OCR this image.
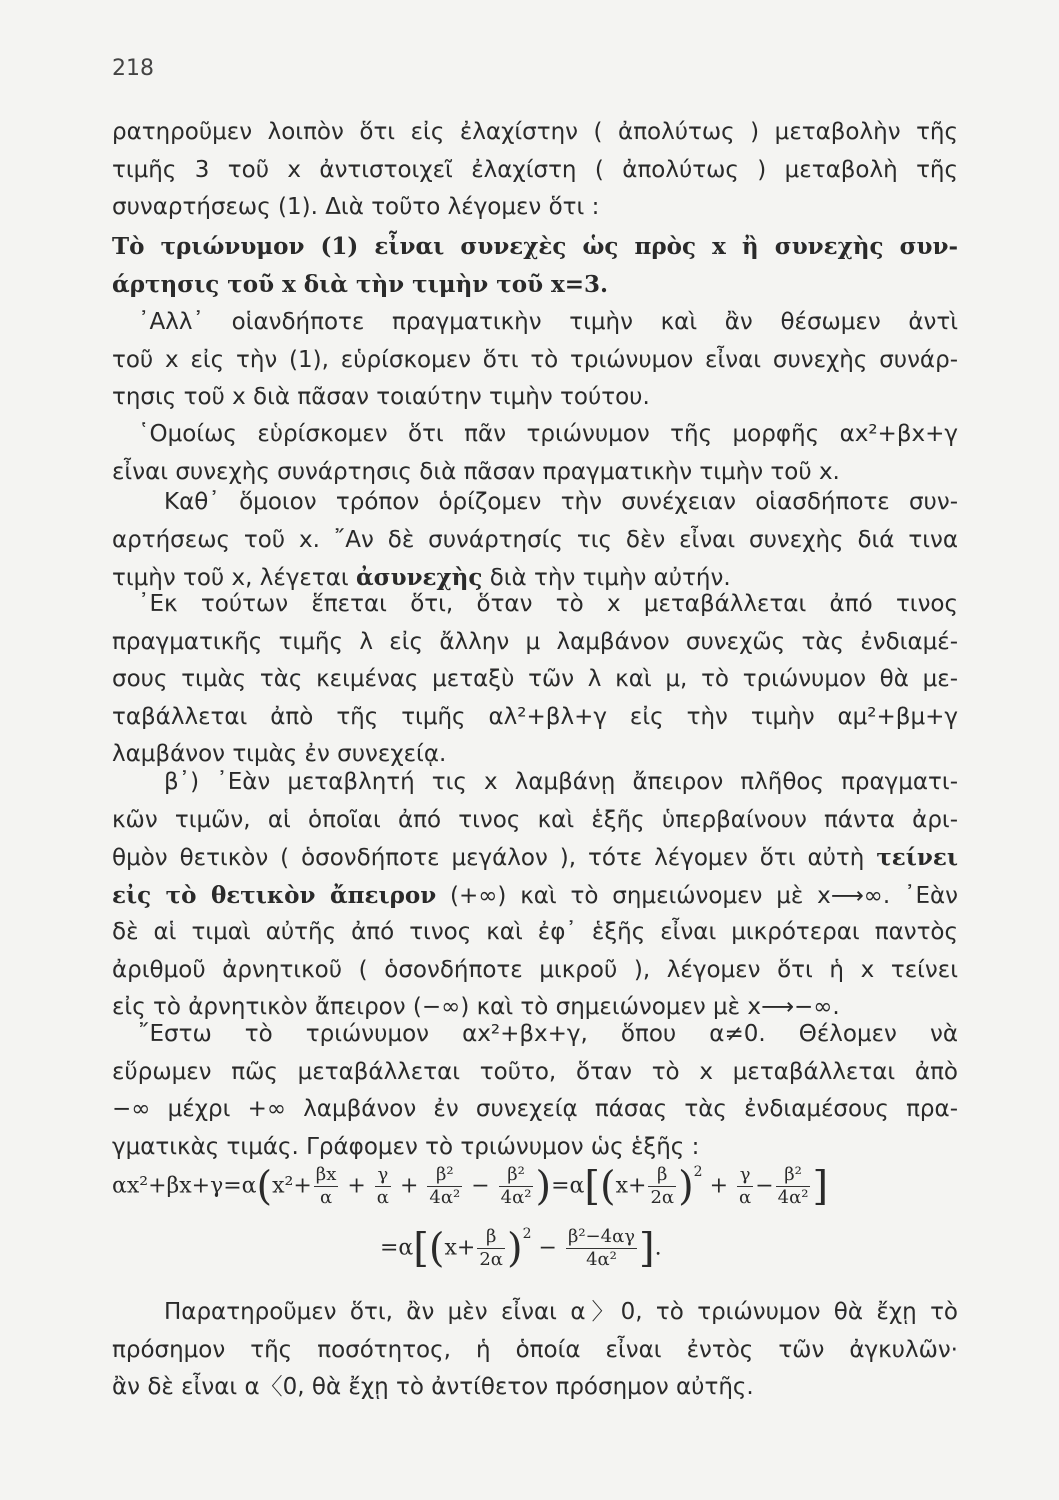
218
ρατηροῦμεν λοιπὸν ὅτι εἰς ἐλαχίστην ( ἀπολύτως ) μεταβολὴν τῆς
τιμῆς 3 τοῦ x ἀντιστοιχεῖ ἐλαχίστη ( ἀπολύτως ) μεταβολὴ τῆς
συναρτήσεως (1). Διὰ τοῦτο λέγομεν ὅτι :
Τὸ τριώνυμον (1) εἶναι συνεχὲς ὡς πρὸς x ἢ συνεχὴς συν-
άρτησις τοῦ x διὰ τὴν τιμὴν τοῦ x=3.
᾿Αλλ᾿ οἱανδήποτε πραγματικὴν τιμὴν καὶ ἂν θέσωμεν ἀντὶ
τοῦ x εἰς τὴν (1), εὑρίσκομεν ὅτι τὸ τριώνυμον εἶναι συνεχὴς συνάρ-
τησις τοῦ x διὰ πᾶσαν τοιαύτην τιμὴν τούτου.
῾Ομοίως εὑρίσκομεν ὅτι πᾶν τριώνυμον τῆς μορφῆς αx²+βx+γ
εἶναι συνεχὴς συνάρτησις διὰ πᾶσαν πραγματικὴν τιμὴν τοῦ x.
Καθ᾿ ὅμοιον τρόπον ὁρίζομεν τὴν συνέχειαν οἱασδήποτε συν-
αρτήσεως τοῦ x. ῎Αν δὲ συνάρτησίς τις δὲν εἶναι συνεχὴς διά τινα
τιμὴν τοῦ x, λέγεται ἀσυνεχὴς διὰ τὴν τιμὴν αὐτήν.
᾿Εκ τούτων ἕπεται ὅτι, ὅταν τὸ x μεταβάλλεται ἀπό τινος
πραγματικῆς τιμῆς λ εἰς ἄλλην μ λαμβάνον συνεχῶς τὰς ἐνδιαμέ-
σους τιμὰς τὰς κειμένας μεταξὺ τῶν λ καὶ μ, τὸ τριώνυμον θὰ με-
ταβάλλεται ἀπὸ τῆς τιμῆς αλ²+βλ+γ εἰς τὴν τιμὴν αμ²+βμ+γ
λαμβάνον τιμὰς ἐν συνεχείᾳ.
β᾿) ᾿Εὰν μεταβλητή τις x λαμβάνῃ ἄπειρον πλῆθος πραγματι-
κῶν τιμῶν, αἱ ὁποῖαι ἀπό τινος καὶ ἑξῆς ὑπερβαίνουν πάντα ἀρι-
θμὸν θετικὸν ( ὁσονδήποτε μεγάλον ), τότε λέγομεν ὅτι αὐτὴ τείνει
εἰς τὸ θετικὸν ἄπειρον (+∞) καὶ τὸ σημειώνομεν μὲ x⟶∞. ᾿Εὰν
δὲ αἱ τιμαὶ αὐτῆς ἀπό τινος καὶ ἐφ᾿ ἑξῆς εἶναι μικρότεραι παντὸς
ἀριθμοῦ ἀρνητικοῦ ( ὁσονδήποτε μικροῦ ), λέγομεν ὅτι ἡ x τείνει
εἰς τὸ ἀρνητικὸν ἄπειρον (−∞) καὶ τὸ σημειώνομεν μὲ x⟶−∞.
῎Εστω τὸ τριώνυμον αx²+βx+γ, ὅπου α≠0. Θέλομεν νὰ
εὕρωμεν πῶς μεταβάλλεται τοῦτο, ὅταν τὸ x μεταβάλλεται ἀπὸ
−∞ μέχρι +∞ λαμβάνον ἐν συνεχείᾳ πάσας τὰς ἐνδιαμέσους πρα-
γματικὰς τιμάς. Γράφομεν τὸ τριώνυμον ὡς ἑξῆς :
$\alpha x^2+\beta x+\gamma=\alpha(x^2+ \frac{\beta x}{\alpha} + \frac{\gamma}{\alpha} + \frac{\text{β²}}{\text{4α²}} - \frac{\text{β²}}{\text{4α²}} )=\alpha[(x+ \frac{\beta}{2\alpha} )^2 + \frac{\gamma}{\alpha} - \frac{\text{β²}}{\text{4α²}}$ ]
$=\alpha[(x+ \frac{\beta}{2\alpha} )^2 - \frac{\text{β²−4αγ}}{\text{4α²}}$ ].
Παρατηροῦμεν ὅτι, ἂν μὲν εἶναι α〉0, τὸ τριώνυμον θὰ ἔχῃ τὸ
πρόσημον τῆς ποσότητος, ἡ ὁποία εἶναι ἐντὸς τῶν ἀγκυλῶν·
ἂν δὲ εἶναι α〈0, θὰ ἔχῃ τὸ ἀντίθετον πρόσημον αὐτῆς.
